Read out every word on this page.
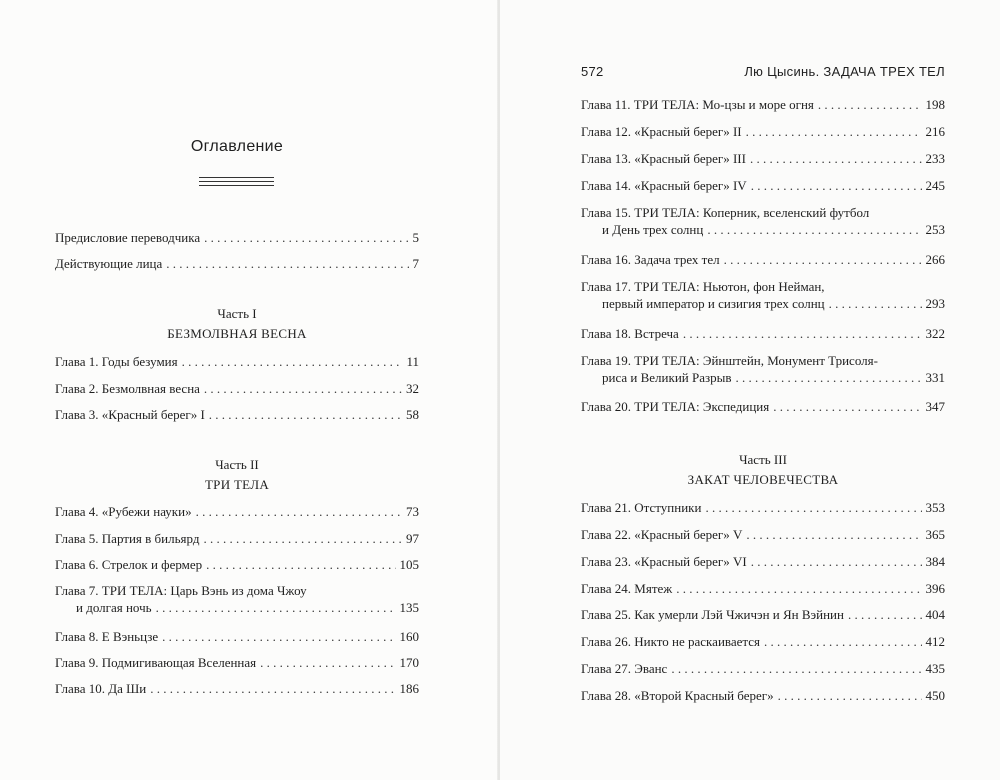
Оглавление
Предисловие переводчика . . .	5
Действующие лица . . .	7
Часть I
БЕЗМОЛВНАЯ ВЕСНА
Глава 1. Годы безумия . . .	11
Глава 2. Безмолвная весна . . .	32
Глава 3. «Красный берег» I . . .	58
Часть II
ТРИ ТЕЛА
Глава 4. «Рубежи науки» . . .	73
Глава 5. Партия в бильярд . . .	97
Глава 6. Стрелок и фермер . . .	105
Глава 7. ТРИ ТЕЛА: Царь Вэнь из дома Чжоу
и долгая ночь . . .	135
Глава 8. Е Вэньцзе . . .	160
Глава 9. Подмигивающая Вселенная . . .	170
Глава 10. Да Ши . . .	186
572	Лю Цысинь. ЗАДАЧА ТРЕХ ТЕЛ
Глава 11. ТРИ ТЕЛА: Мо-цзы и море огня . . .	198
Глава 12. «Красный берег» II . . .	216
Глава 13. «Красный берег» III . . .	233
Глава 14. «Красный берег» IV . . .	245
Глава 15. ТРИ ТЕЛА: Коперник, вселенский футбол
и День трех солнц . . .	253
Глава 16. Задача трех тел . . .	266
Глава 17. ТРИ ТЕЛА: Ньютон, фон Нейман,
первый император и сизигия трех солнц . . .	293
Глава 18. Встреча . . .	322
Глава 19. ТРИ ТЕЛА: Эйнштейн, Монумент Трисоля-
риса и Великий Разрыв . . .	331
Глава 20. ТРИ ТЕЛА: Экспедиция . . .	347
Часть III
ЗАКАТ ЧЕЛОВЕЧЕСТВА
Глава 21. Отступники . . .	353
Глава 22. «Красный берег» V . . .	365
Глава 23. «Красный берег» VI . . .	384
Глава 24. Мятеж . . .	396
Глава 25. Как умерли Лэй Чжичэн и Ян Вэйнин . . .	404
Глава 26. Никто не раскаивается . . .	412
Глава 27. Эванс . . .	435
Глава 28. «Второй Красный берег» . . .	450
